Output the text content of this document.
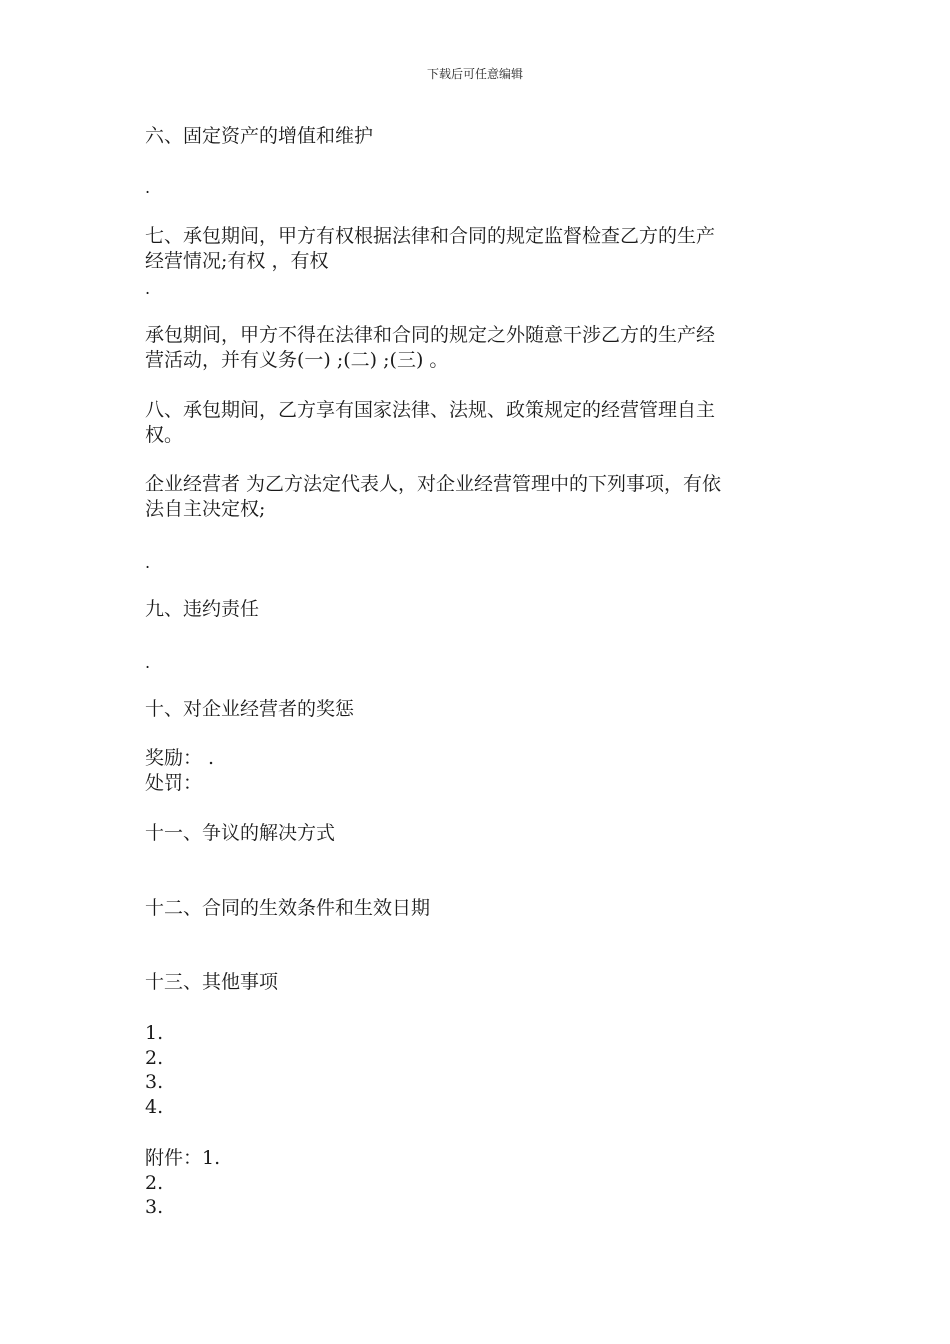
下载后可任意编辑
六、固定资产的增值和维护
.
七、承包期间，甲方有权根据法律和合同的规定监督检查乙方的生产
经营情况;有权 ，有权
.
承包期间，甲方不得在法律和合同的规定之外随意干涉乙方的生产经
营活动，并有义务(一) ;(二) ;(三) 。
八、承包期间，乙方享有国家法律、法规、政策规定的经营管理自主
权。
企业经营者 为乙方法定代表人，对企业经营管理中的下列事项，有依
法自主决定权;
.
九、违约责任
.
十、对企业经营者的奖惩
奖励： .
处罚：
十一、争议的解决方式
十二、合同的生效条件和生效日期
十三、其他事项
1.
2.
3.
4.
附件：1.
2.
3.
